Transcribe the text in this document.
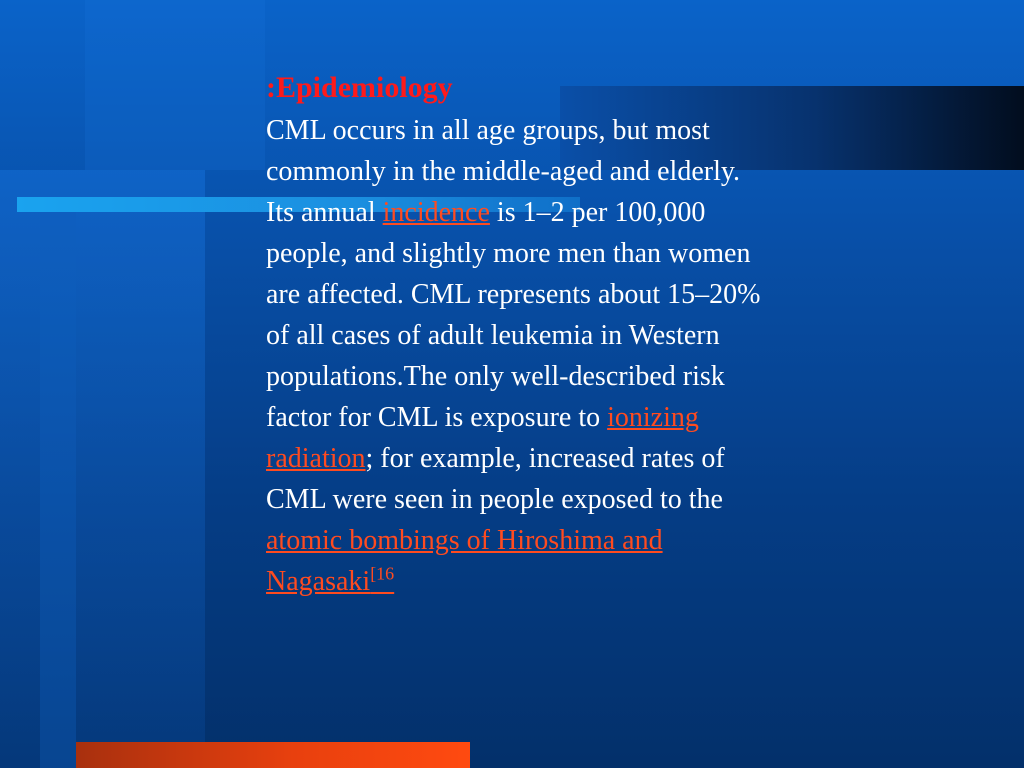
:Epidemiology
CML occurs in all age groups, but most commonly in the middle-aged and elderly. Its annual incidence is 1–2 per 100,000 people, and slightly more men than women are affected. CML represents about 15–20% of all cases of adult leukemia in Western populations.The only well-described risk factor for CML is exposure to ionizing radiation; for example, increased rates of CML were seen in people exposed to the atomic bombings of Hiroshima and Nagasaki$^{[16}$
